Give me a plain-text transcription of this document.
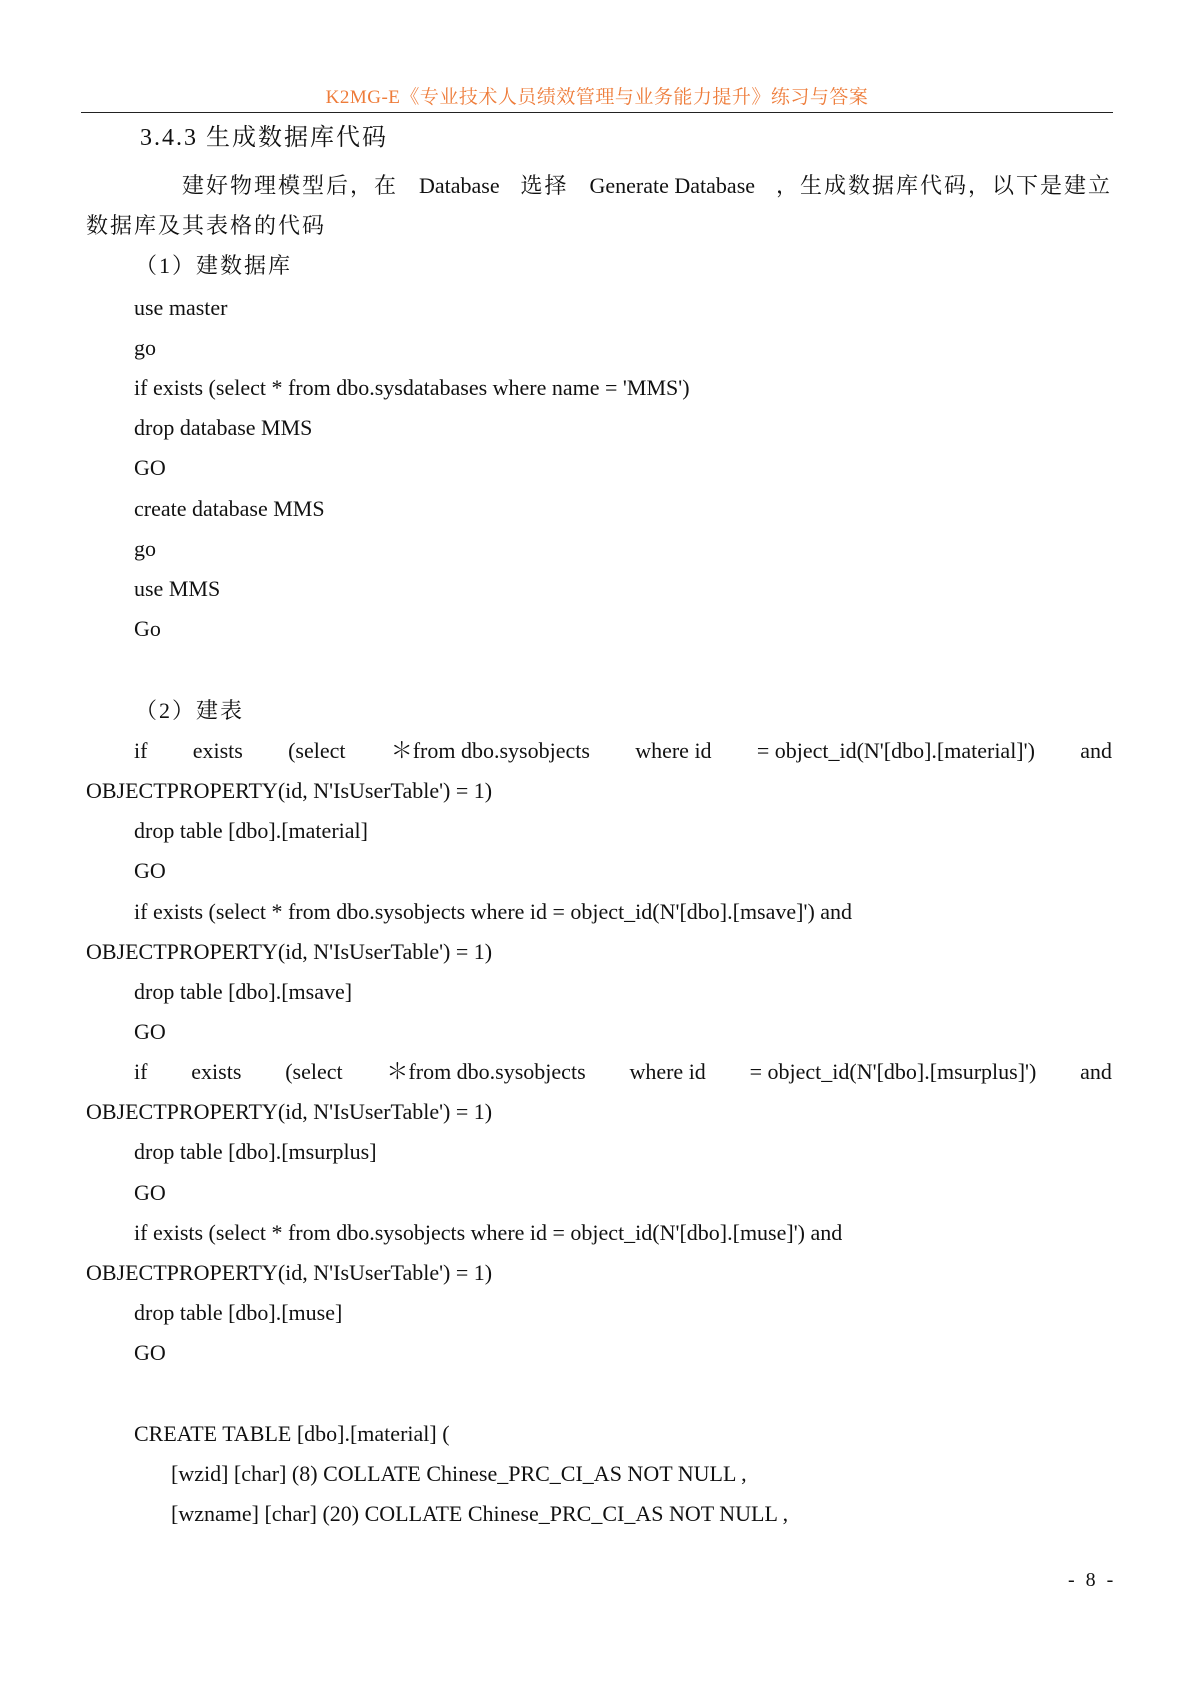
K2MG-E《专业技术人员绩效管理与业务能力提升》练习与答案
3.4.3 生成数据库代码
建好物理模型后，在 Database 选择 Generate Database ，生成数据库代码，以下是建立
数据库及其表格的代码
（1）建数据库
use master
go
if exists (select * from dbo.sysdatabases where name = 'MMS')
drop database MMS
GO
create database MMS
go
use MMS
Go
（2）建表
if exists (select ＊from dbo.sysobjects where id = object_id(N'[dbo].[material]') and
OBJECTPROPERTY(id, N'IsUserTable') = 1)
drop table [dbo].[material]
GO
if exists (select * from dbo.sysobjects where id = object_id(N'[dbo].[msave]') and
OBJECTPROPERTY(id, N'IsUserTable') = 1)
drop table [dbo].[msave]
GO
if exists (select ＊from dbo.sysobjects where id = object_id(N'[dbo].[msurplus]') and
OBJECTPROPERTY(id, N'IsUserTable') = 1)
drop table [dbo].[msurplus]
GO
if exists (select * from dbo.sysobjects where id = object_id(N'[dbo].[muse]') and
OBJECTPROPERTY(id, N'IsUserTable') = 1)
drop table [dbo].[muse]
GO
CREATE TABLE [dbo].[material] (
[wzid] [char] (8) COLLATE Chinese_PRC_CI_AS NOT NULL ,
[wzname] [char] (20) COLLATE Chinese_PRC_CI_AS NOT NULL ,
- 8 -
